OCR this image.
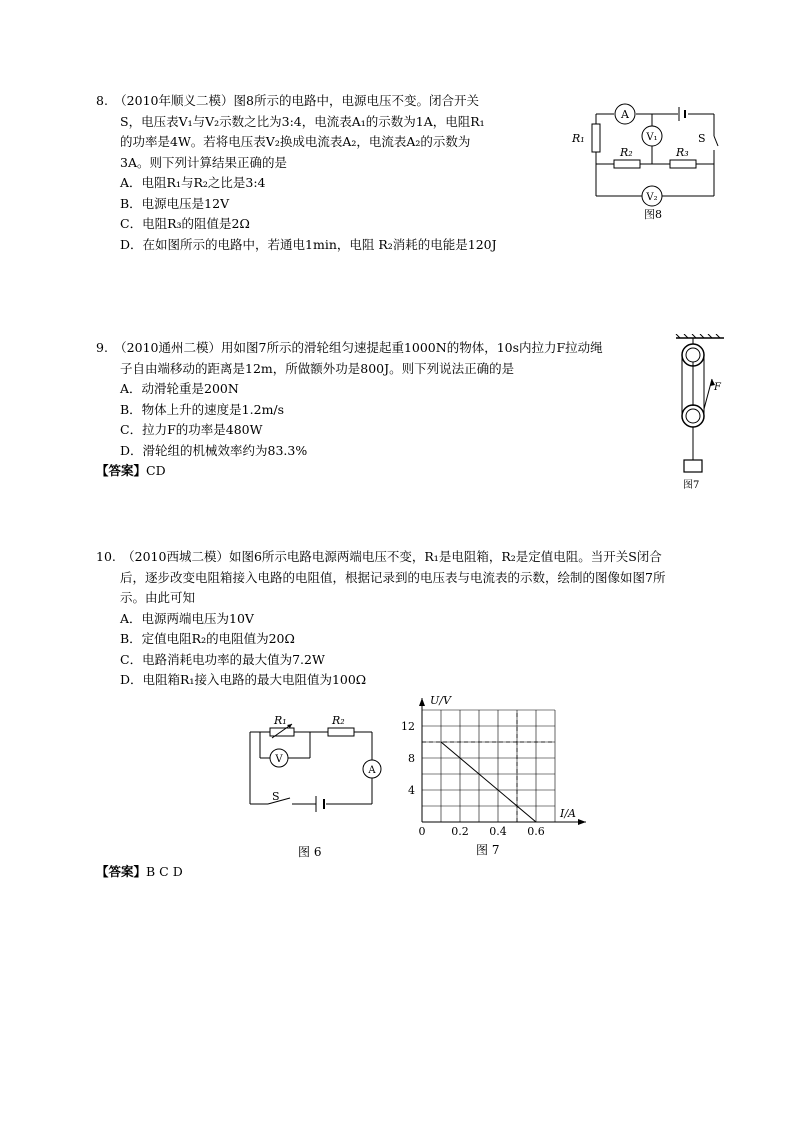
8.　（2010年顺义二模）图8所示的电路中，电源电压不变。闭合开关
S，电压表V₁与V₂示数之比为3:4，电流表A₁的示数为1A，电阻R₁
的功率是4W。若将电压表V₂换成电流表A₂，电流表A₂的示数为
3A。则下列计算结果正确的是
A．电阻R₁与R₂之比是3:4
B．电源电压是12V
C．电阻R₃的阻值是2Ω
D．在如图所示的电路中，若通电1min，电阻 R₂消耗的电能是120J
A
V₁
V₂
R₁
R₂	R₃
S
图8
9.　（2010通州二模）用如图7所示的滑轮组匀速提起重1000N的物体，10s内拉力F拉动绳
子自由端移动的距离是12m，所做额外功是800J。则下列说法正确的是
A．动滑轮重是200N
B．物体上升的速度是1.2m/s
C．拉力F的功率是480W
D．滑轮组的机械效率约为83.3%
【答案】CD
F
图7
10.　（2010西城二模）如图6所示电路电源两端电压不变，R₁是电阻箱，R₂是定值电阻。当开关S闭合
后，逐步改变电阻箱接入电路的电阻值，根据记录到的电压表与电流表的示数，绘制的图像如图7所
示。由此可知
A．电源两端电压为10V
B．定值电阻R₂的电阻值为20Ω
C．电路消耗电功率的最大值为7.2W
D．电阻箱R₁接入电路的最大电阻值为100Ω
V
A
R₁	R₂
S
图 6
0 0.2 0.4 0.6
4
8
12
U/V
I/A
图 7
【答案】B C D
